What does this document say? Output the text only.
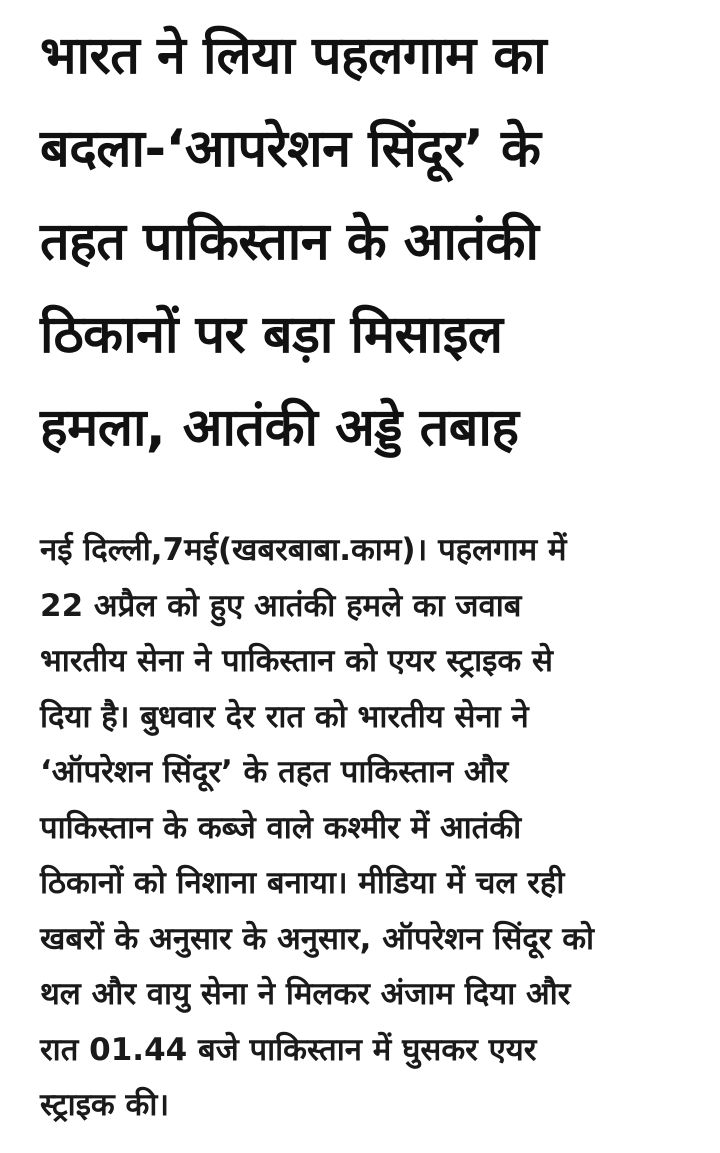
भारत ने लिया पहलगाम का
बदला-‘आपरेशन सिंदूर’ के
तहत पाकिस्तान के आतंकी
ठिकानों पर बड़ा मिसाइल
हमला, आतंकी अड्डे तबाह

नई दिल्ली,7मई(खबरबाबा.काम)। पहलगाम में
22 अप्रैल को हुए आतंकी हमले का जवाब
भारतीय सेना ने पाकिस्तान को एयर स्ट्राइक से
दिया है। बुधवार देर रात को भारतीय सेना ने
‘ऑपरेशन सिंदूर’ के तहत पाकिस्तान और
पाकिस्तान के कब्जे वाले कश्मीर में आतंकी
ठिकानों को निशाना बनाया। मीडिया में चल रही
खबरों के अनुसार के अनुसार, ऑपरेशन सिंदूर को
थल और वायु सेना ने मिलकर अंजाम दिया और
रात 01.44 बजे पाकिस्तान में घुसकर एयर
स्ट्राइक की।
